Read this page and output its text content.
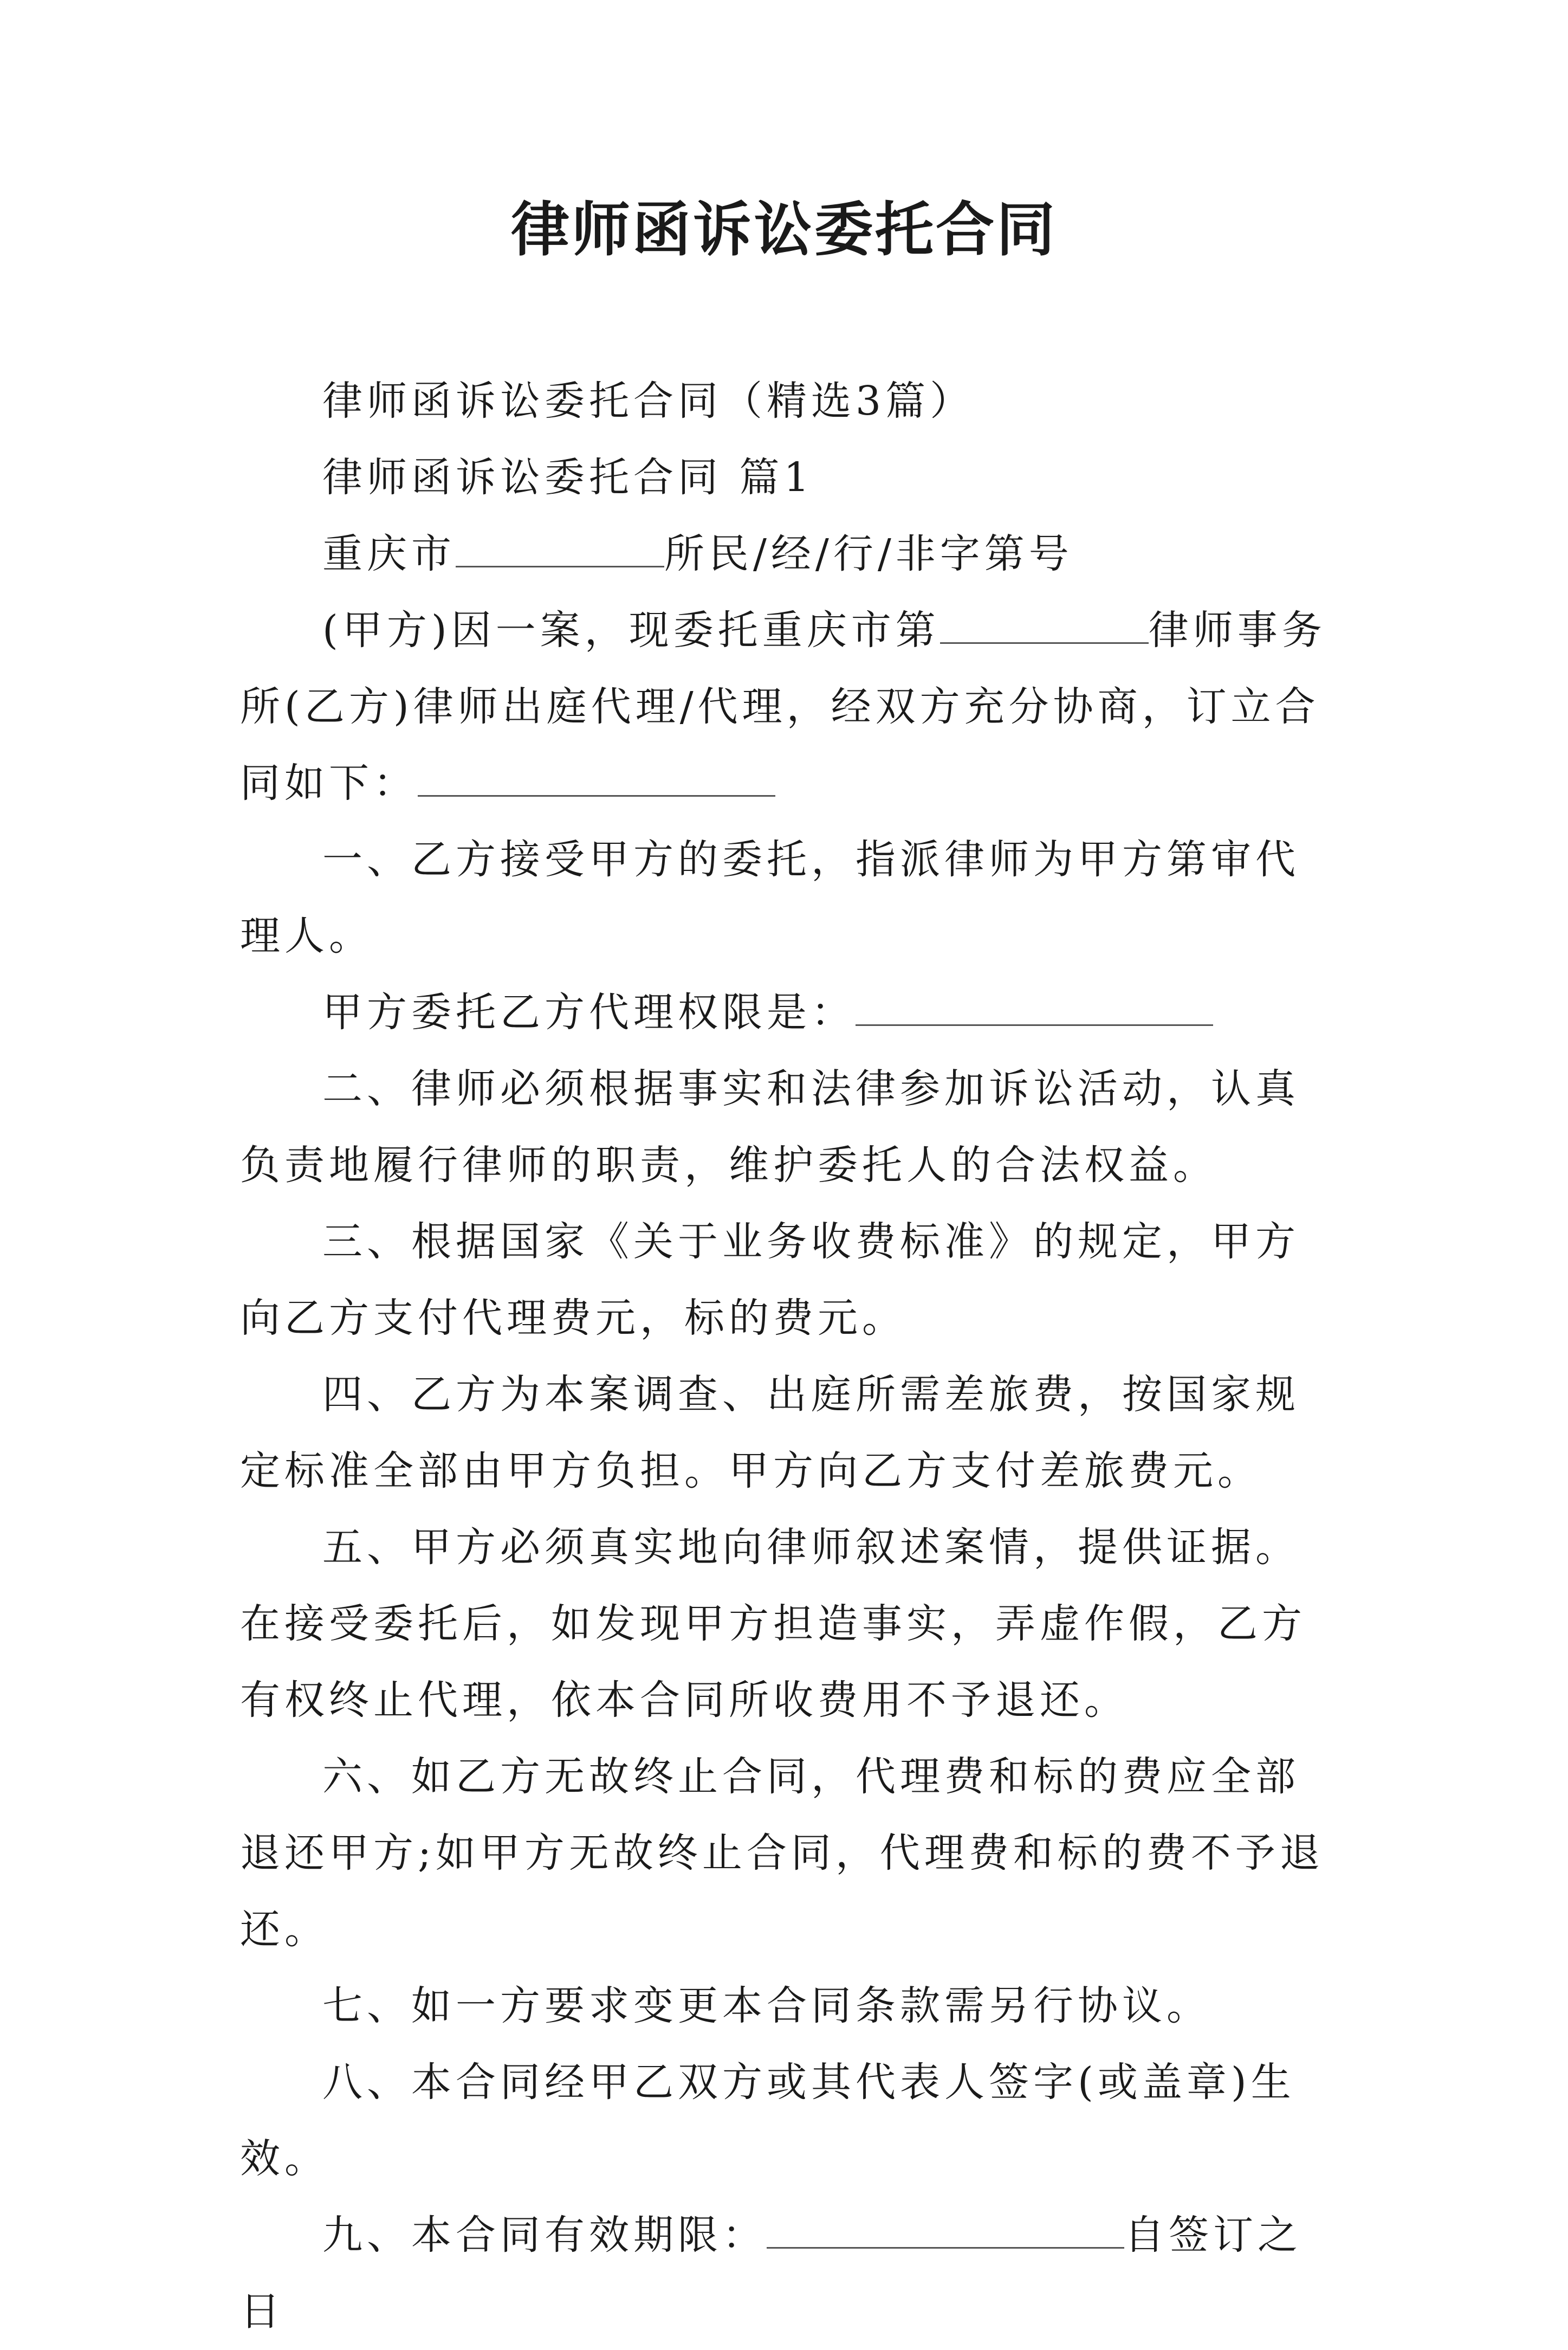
律师函诉讼委托合同

律师函诉讼委托合同（精选3篇）

律师函诉讼委托合同 篇1

重庆市	所民/经/行/非字第号

(甲方)因一案，现委托重庆市第	律师事务所(乙方)律师出庭代理/代理，经双方充分协商，订立合同如下：

一、乙方接受甲方的委托，指派律师为甲方第审代理人。

甲方委托乙方代理权限是：

二、律师必须根据事实和法律参加诉讼活动，认真负责地履行律师的职责，维护委托人的合法权益。

三、根据国家《关于业务收费标准》的规定，甲方向乙方支付代理费元，标的费元。

四、乙方为本案调查、出庭所需差旅费，按国家规定标准全部由甲方负担。甲方向乙方支付差旅费元。

五、甲方必须真实地向律师叙述案情，提供证据。在接受委托后，如发现甲方担造事实，弄虚作假，乙方有权终止代理，依本合同所收费用不予退还。

六、如乙方无故终止合同，代理费和标的费应全部退还甲方;如甲方无故终止合同，代理费和标的费不予退还。

七、如一方要求变更本合同条款需另行协议。

八、本合同经甲乙双方或其代表人签字(或盖章)生效。

九、本合同有效期限：	自签订之日
